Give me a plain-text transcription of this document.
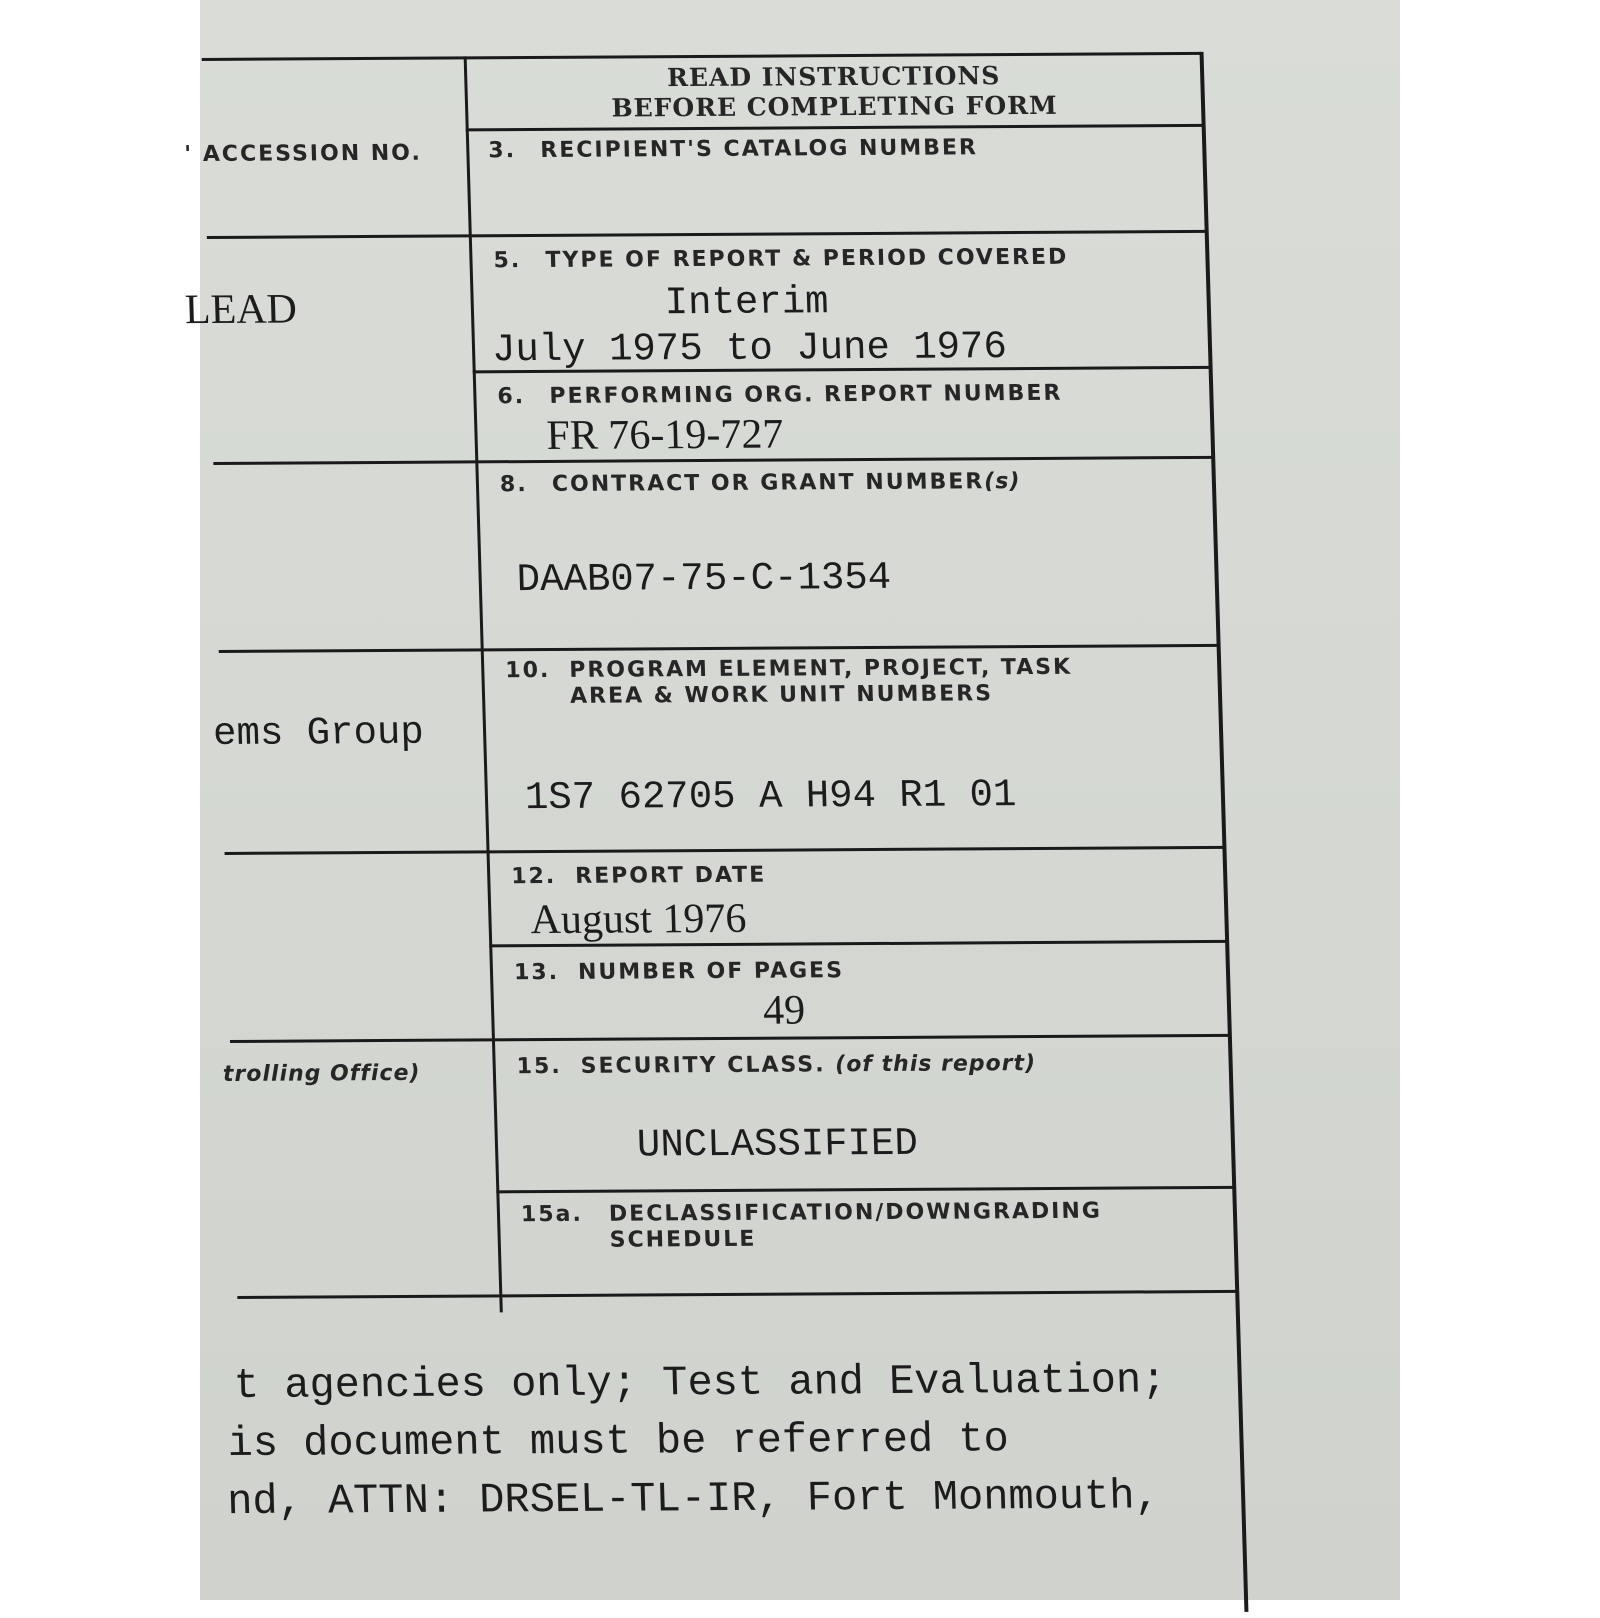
READ INSTRUCTIONS
BEFORE COMPLETING FORM
' ACCESSION NO.
LEAD
ems Group
trolling Office)
3. RECIPIENT'S CATALOG NUMBER
5. TYPE OF REPORT & PERIOD COVERED
Interim
July 1975 to June 1976
6. PERFORMING ORG. REPORT NUMBER
FR 76-19-727
8. CONTRACT OR GRANT NUMBER(s)
DAAB07-75-C-1354
10. PROGRAM ELEMENT, PROJECT, TASK
AREA & WORK UNIT NUMBERS
1S7 62705 A H94 R1 01
12. REPORT DATE
August 1976
13. NUMBER OF PAGES
49
15. SECURITY CLASS. (of this report)
UNCLASSIFIED
15a. DECLASSIFICATION/DOWNGRADING
SCHEDULE
t agencies only; Test and Evaluation;
is document must be referred to
nd, ATTN: DRSEL-TL-IR, Fort Monmouth,
